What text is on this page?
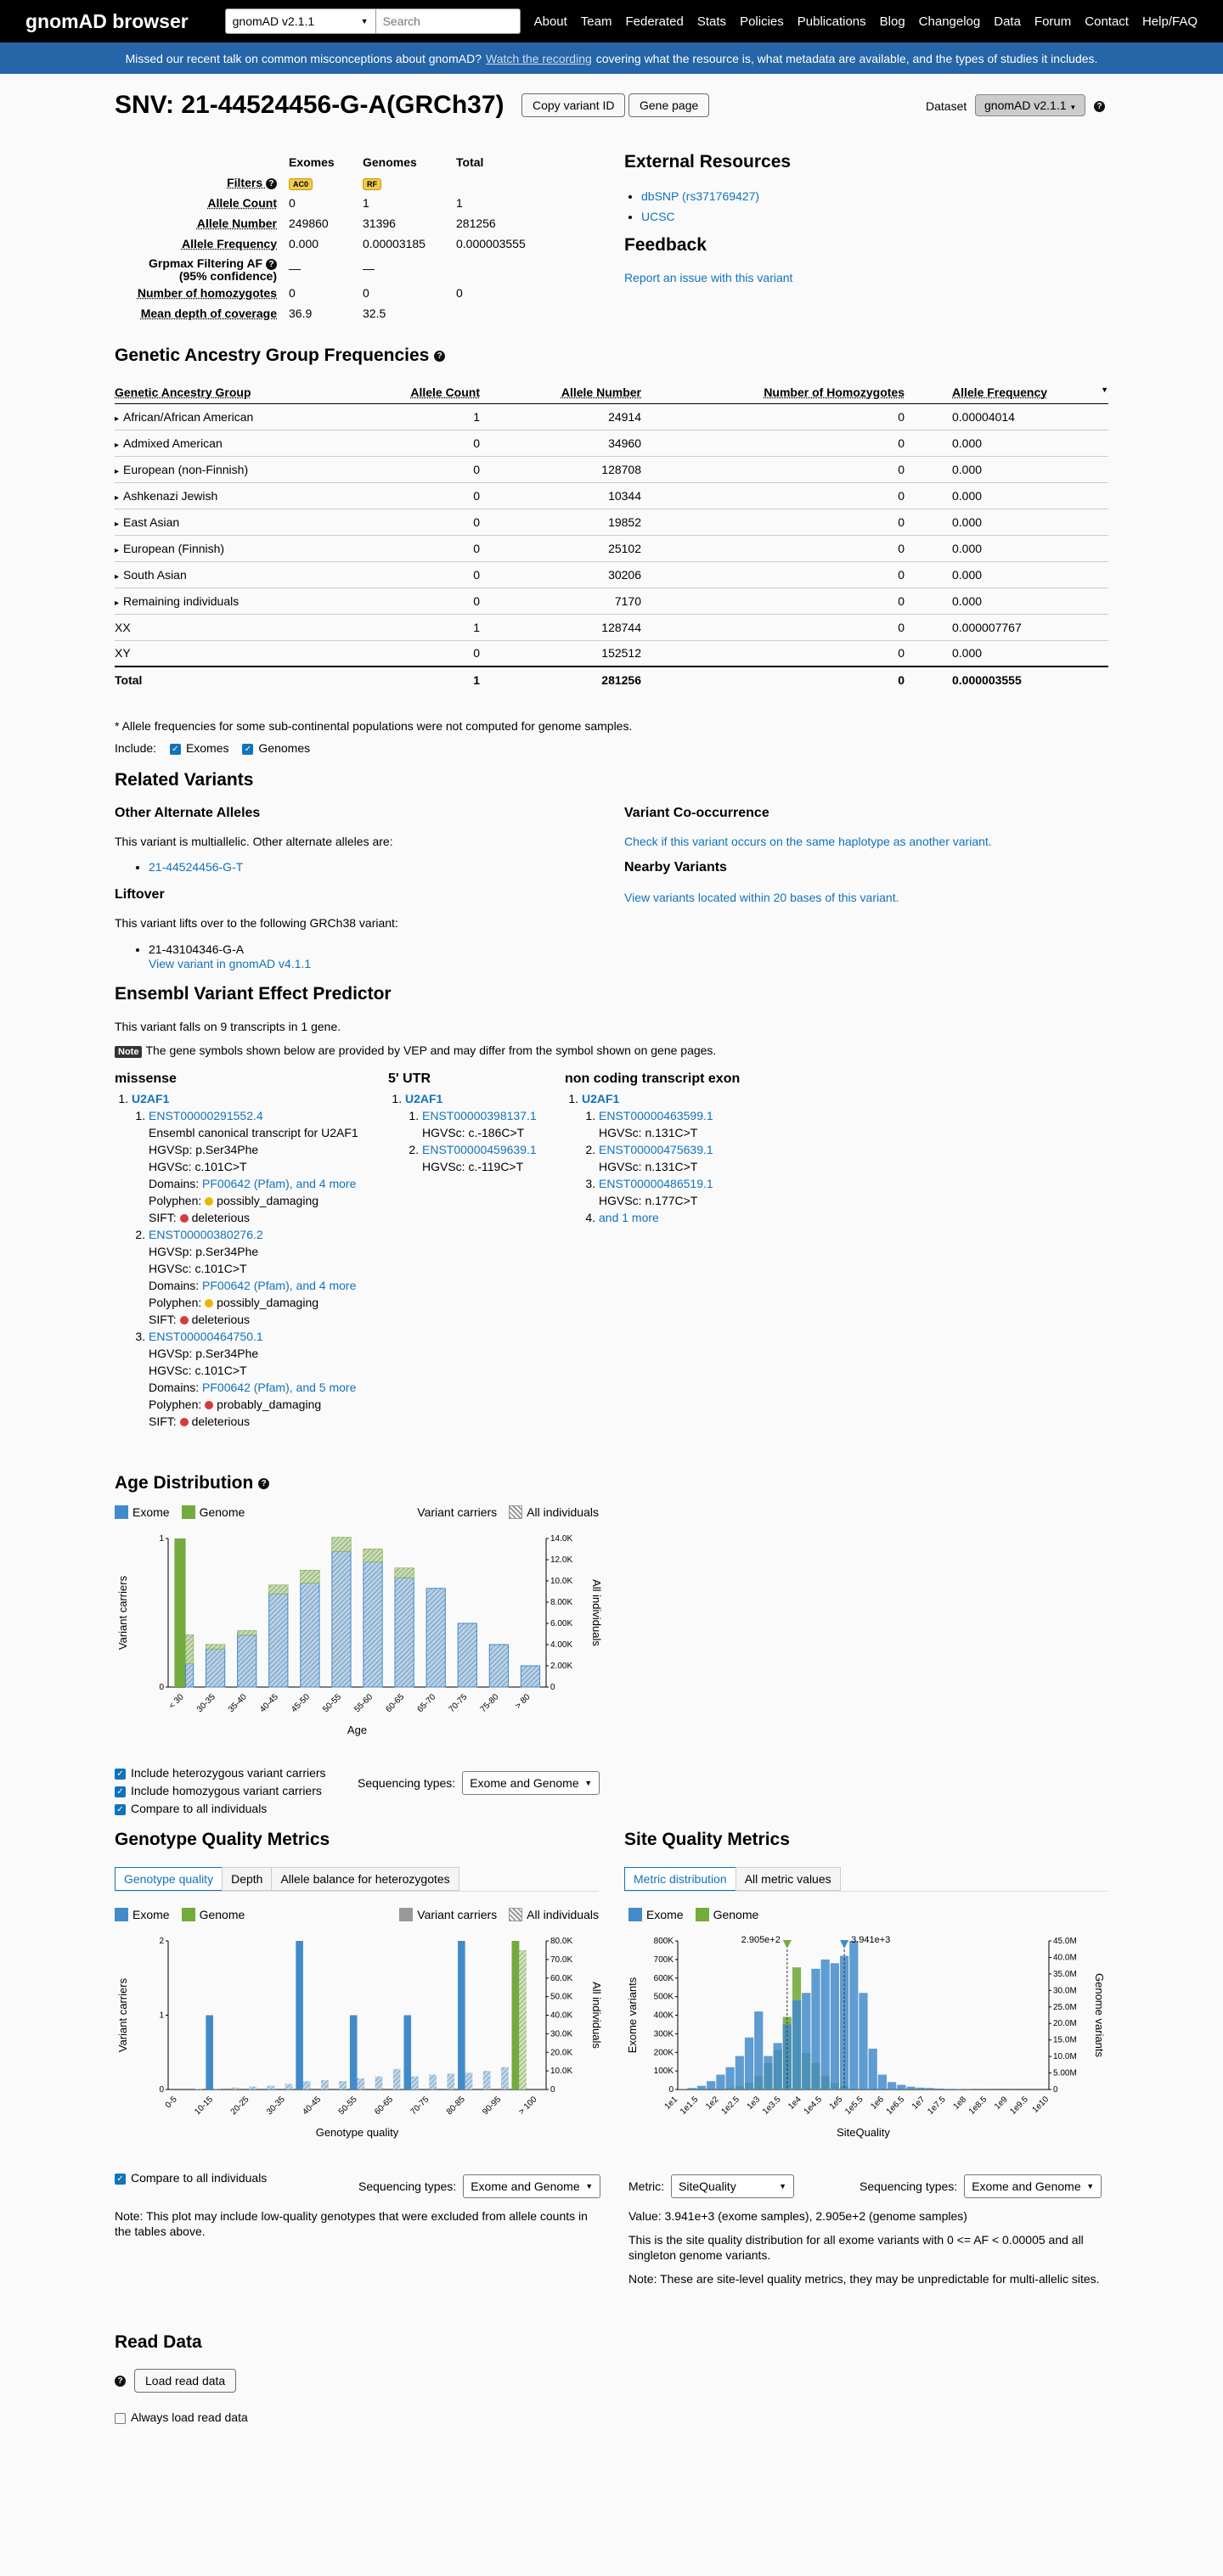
gnomAD browser	gnomAD v2.1.1	▼
Search	About Team Federated Stats Policies Publications Blog Changelog Data Forum Contact Help/FAQ
Missed our recent talk on common misconceptions about gnomAD? Watch the recording covering what the resource is, what metadata are available, and the types of studies it includes.
SNV: 21-44524456-G-A(GRCh37)	Copy variant ID	Gene page	Dataset	gnomAD v2.1.1 ▼	?
	Exomes	Genomes	Total
Filters ?	AC0	RF	
Allele Count	0	1	1
Allele Number	249860	31396	281256
Allele Frequency	0.000	0.00003185	0.000003555
Grpmax Filtering AF ?
(95% confidence)	—	—	
Number of homozygotes	0	0	0
Mean depth of coverage	36.9	32.5	
External Resources
• dbSNP (rs371769427)
• UCSC
Feedback
Report an issue with this variant
Genetic Ancestry Group Frequencies ?
Genetic Ancestry Group	Allele Count	Allele Number	Number of Homozygotes	Allele Frequency ▼

▸ African/African American	1	24914	0	0.00004014
▸ Admixed American	0	34960	0	0.000
▸ European (non-Finnish)	0	128708	0	0.000
▸ Ashkenazi Jewish	0	10344	0	0.000
▸ East Asian	0	19852	0	0.000
▸ European (Finnish)	0	25102	0	0.000
▸ South Asian	0	30206	0	0.000
▸ Remaining individuals	0	7170	0	0.000
XX	1	128744	0	0.000007767
XY	0	152512	0	0.000
Total	1	281256	0	0.000003555
* Allele frequencies for some sub-continental populations were not computed for genome samples.
Include: ✓ Exomes ✓ Genomes
Related Variants
Other Alternate Alleles
This variant is multiallelic. Other alternate alleles are:
• 21-44524456-G-T
Liftover
This variant lifts over to the following GRCh38 variant:
• 21-43104346-G-A
View variant in gnomAD v4.1.1
Variant Co-occurrence
Check if this variant occurs on the same haplotype as another variant.
Nearby Variants
View variants located within 20 bases of this variant.
Ensembl Variant Effect Predictor
This variant falls on 9 transcripts in 1 gene.
Note The gene symbols shown below are provided by VEP and may differ from the symbol shown on gene pages.
missense
1. U2AF1
1. ENST00000291552.4
Ensembl canonical transcript for U2AF1
HGVSp: p.Ser34Phe
HGVSc: c.101C>T
Domains: PF00642 (Pfam), and 4 more
Polyphen: possibly_damaging
SIFT: deleterious
2. ENST00000380276.2
HGVSp: p.Ser34Phe
HGVSc: c.101C>T
Domains: PF00642 (Pfam), and 4 more
Polyphen: possibly_damaging
SIFT: deleterious
3. ENST00000464750.1
HGVSp: p.Ser34Phe
HGVSc: c.101C>T
Domains: PF00642 (Pfam), and 5 more
Polyphen: probably_damaging
SIFT: deleterious
5' UTR
1. U2AF1
1. ENST00000398137.1
HGVSc: c.-186C>T
2. ENST00000459639.1
HGVSc: c.-119C>T
non coding transcript exon
1. U2AF1
1. ENST00000463599.1
HGVSc: n.131C>T
2. ENST00000475639.1
HGVSc: n.131C>T
3. ENST00000486519.1
HGVSc: n.177C>T
4. and 1 more
Age Distribution ?
Exome	Genome	Variant carriers	All individuals
0
1
0
2.00K
4.00K
6.00K
8.00K
10.0K
12.0K
14.0K
Variant carriers	All individuals
< 30 30-35 35-40 40-45 45-50 50-55 55-60 60-65 65-70 70-75 75-80 > 80
Age
✓ Include heterozygous variant carriers
✓ Include homozygous variant carriers
✓ Compare to all individuals
Sequencing types: Exome and Genome ▼
Genotype Quality Metrics
Genotype quality	Depth	Allele balance for heterozygotes
Exome	Genome	Variant carriers	All individuals
0
1
2
0
10.0K
20.0K
30.0K
40.0K
50.0K
60.0K
70.0K
80.0K
Variant carriers	All individuals
0-5 10-15 20-25 30-35 40-45 50-55 60-65 70-75 80-85 90-95 > 100
Genotype quality
✓ Compare to all individuals
Sequencing types: Exome and Genome ▼
Note: This plot may include low-quality genotypes that were excluded from allele counts in the tables above.
Site Quality Metrics
Metric distribution	All metric values
Exome	Genome
0
100K
200K
300K
400K
500K
600K
700K
800K
0
5.00M
10.0M
15.0M
20.0M
25.0M
30.0M
35.0M
40.0M
45.0M
Exome variants	Genome variants
1e1
1e1.5 1e2
1e2.5 1e3
1e3.5 1e4
1e4.5 1e5
1e5.5 1e6
1e6.5 1e7
1e7.5 1e8
1e8.5 1e9
1e9.5 1e10
2.905e+2	3.941e+3
SiteQuality
Metric: SiteQuality	▼	Sequencing types: Exome and Genome ▼
Value: 3.941e+3 (exome samples), 2.905e+2 (genome samples)
This is the site quality distribution for all exome variants with 0 <= AF < 0.00005 and all singleton genome variants.
Note: These are site-level quality metrics, they may be unpredictable for multi-allelic sites.
Read Data
?	Load read data
Always load read data
